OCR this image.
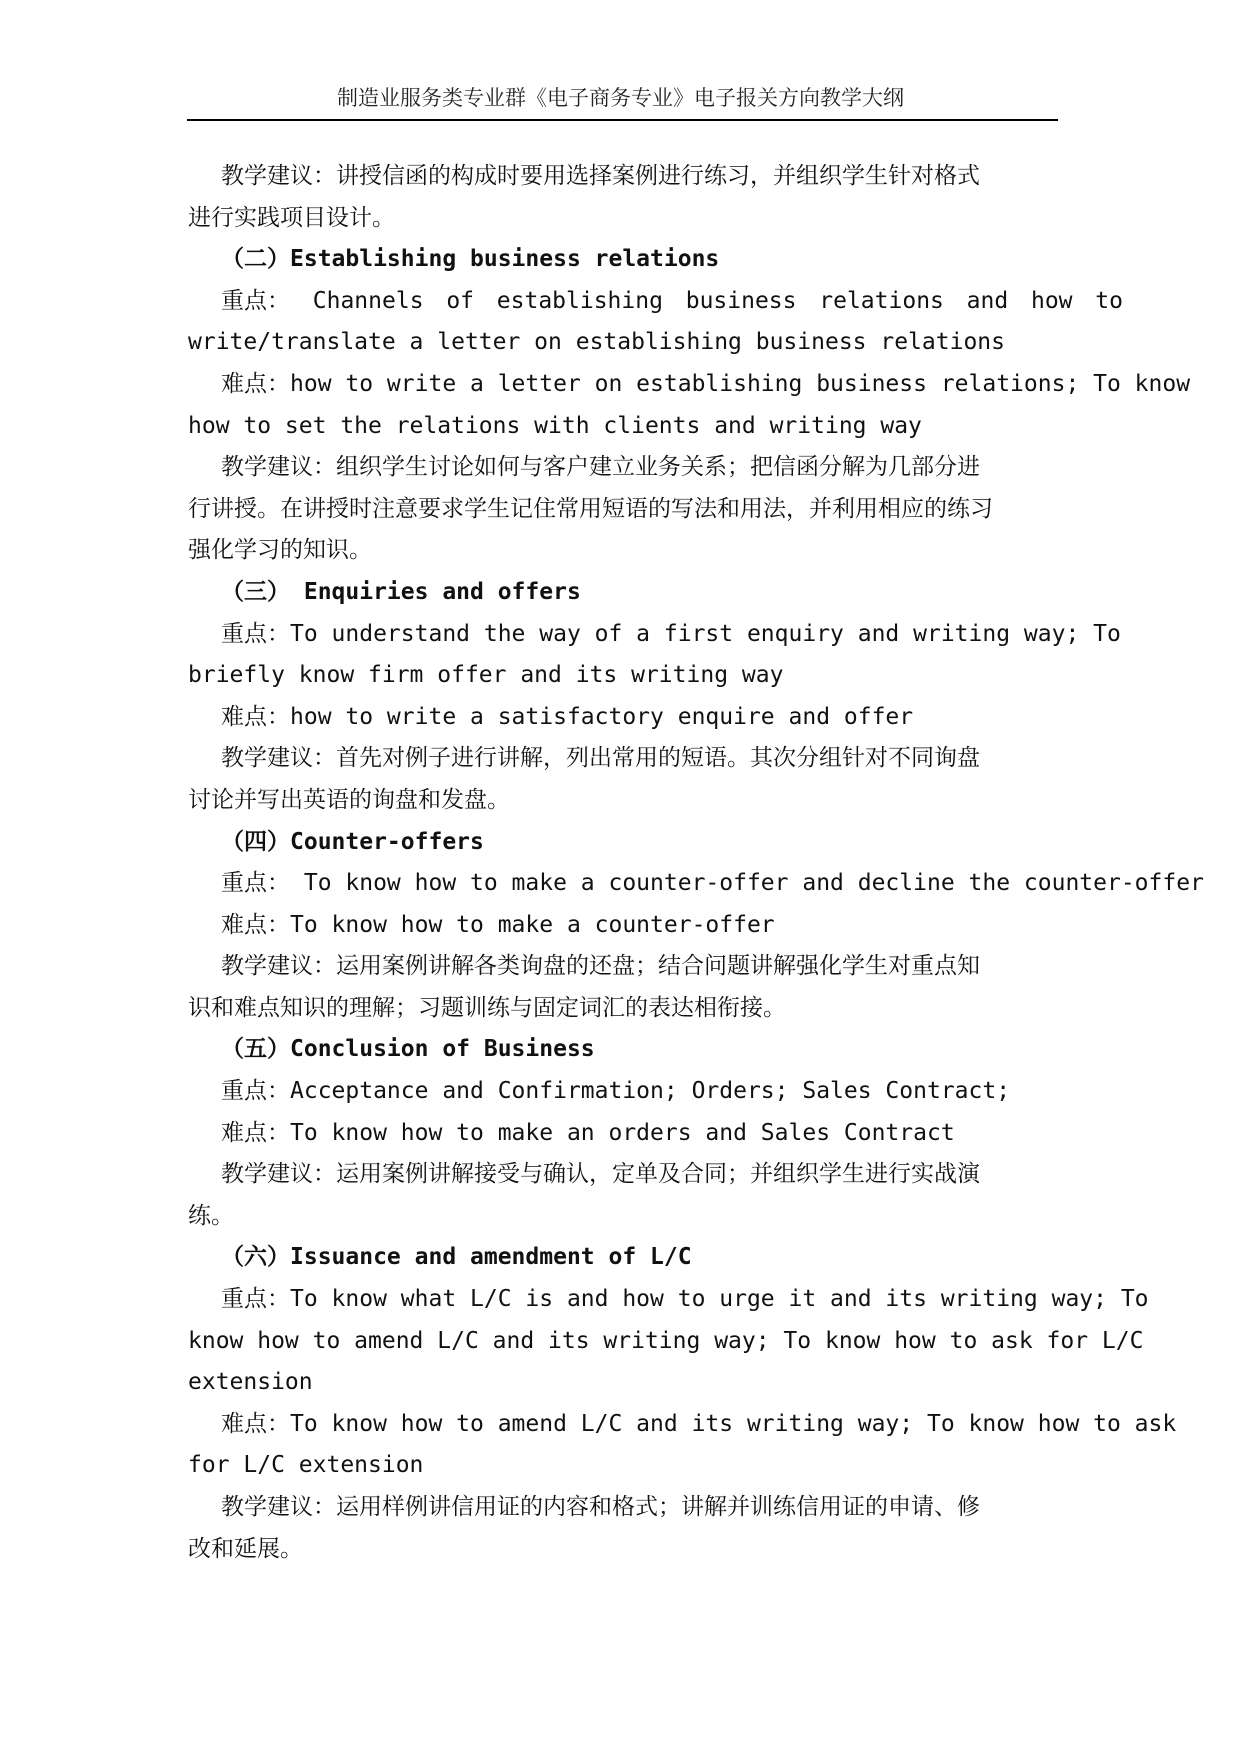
制造业服务类专业群《电子商务专业》电子报关方向教学大纲
教学建议：讲授信函的构成时要用选择案例进行练习，并组织学生针对格式
进行实践项目设计。
（二）Establishing business relations
重点： Channels of establishing business relations and how to
write/translate a letter on establishing business relations
难点：how to write a letter on establishing business relations; To know
how to set the relations with clients and writing way
教学建议：组织学生讨论如何与客户建立业务关系；把信函分解为几部分进
行讲授。在讲授时注意要求学生记住常用短语的写法和用法，并利用相应的练习
强化学习的知识。
（三） Enquiries and offers
重点：To understand the way of a first enquiry and writing way; To
briefly know firm offer and its writing way
难点：how to write a satisfactory enquire and offer
教学建议：首先对例子进行讲解，列出常用的短语。其次分组针对不同询盘
讨论并写出英语的询盘和发盘。
（四）Counter-offers
重点： To know how to make a counter-offer and decline the counter-offer
难点：To know how to make a counter-offer
教学建议：运用案例讲解各类询盘的还盘；结合问题讲解强化学生对重点知
识和难点知识的理解；习题训练与固定词汇的表达相衔接。
（五）Conclusion of Business
重点：Acceptance and Confirmation; Orders; Sales Contract;
难点：To know how to make an orders and Sales Contract
教学建议：运用案例讲解接受与确认，定单及合同；并组织学生进行实战演
练。
（六）Issuance and amendment of L/C
重点：To know what L/C is and how to urge it and its writing way; To
know how to amend L/C and its writing way; To know how to ask for L/C
extension
难点：To know how to amend L/C and its writing way; To know how to ask
for L/C extension
教学建议：运用样例讲信用证的内容和格式；讲解并训练信用证的申请、修
改和延展。
